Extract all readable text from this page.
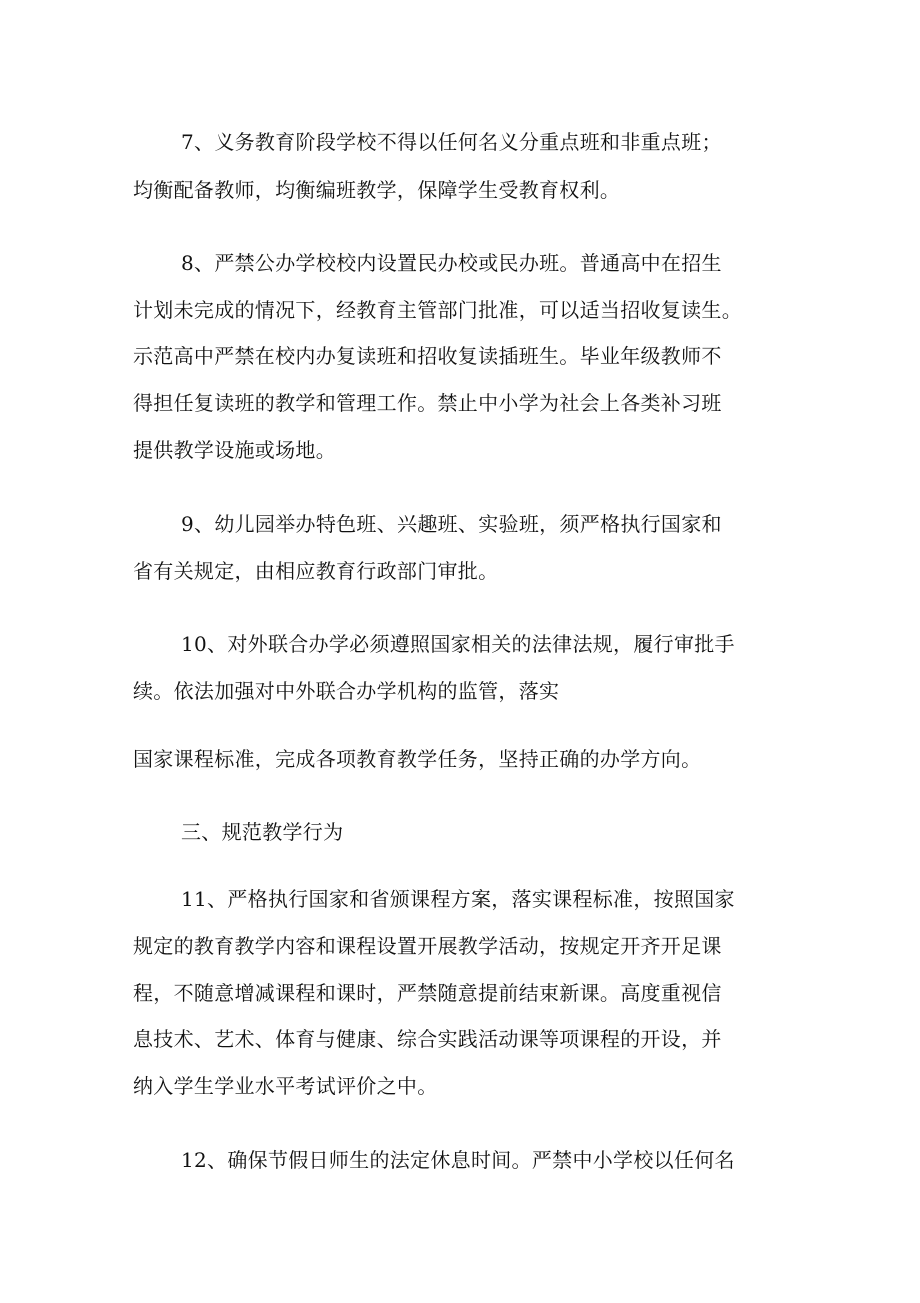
7、义务教育阶段学校不得以任何名义分重点班和非重点班；
均衡配备教师，均衡编班教学，保障学生受教育权利。
8、严禁公办学校校内设置民办校或民办班。普通高中在招生
计划未完成的情况下，经教育主管部门批准，可以适当招收复读生。
示范高中严禁在校内办复读班和招收复读插班生。毕业年级教师不
得担任复读班的教学和管理工作。禁止中小学为社会上各类补习班
提供教学设施或场地。
9、幼儿园举办特色班、兴趣班、实验班，须严格执行国家和
省有关规定，由相应教育行政部门审批。
10、对外联合办学必须遵照国家相关的法律法规，履行审批手
续。依法加强对中外联合办学机构的监管，落实
国家课程标准，完成各项教育教学任务，坚持正确的办学方向。
三、规范教学行为
11、严格执行国家和省颁课程方案，落实课程标准，按照国家
规定的教育教学内容和课程设置开展教学活动，按规定开齐开足课
程，不随意增减课程和课时，严禁随意提前结束新课。高度重视信
息技术、艺术、体育与健康、综合实践活动课等项课程的开设，并
纳入学生学业水平考试评价之中。
12、确保节假日师生的法定休息时间。严禁中小学校以任何名
